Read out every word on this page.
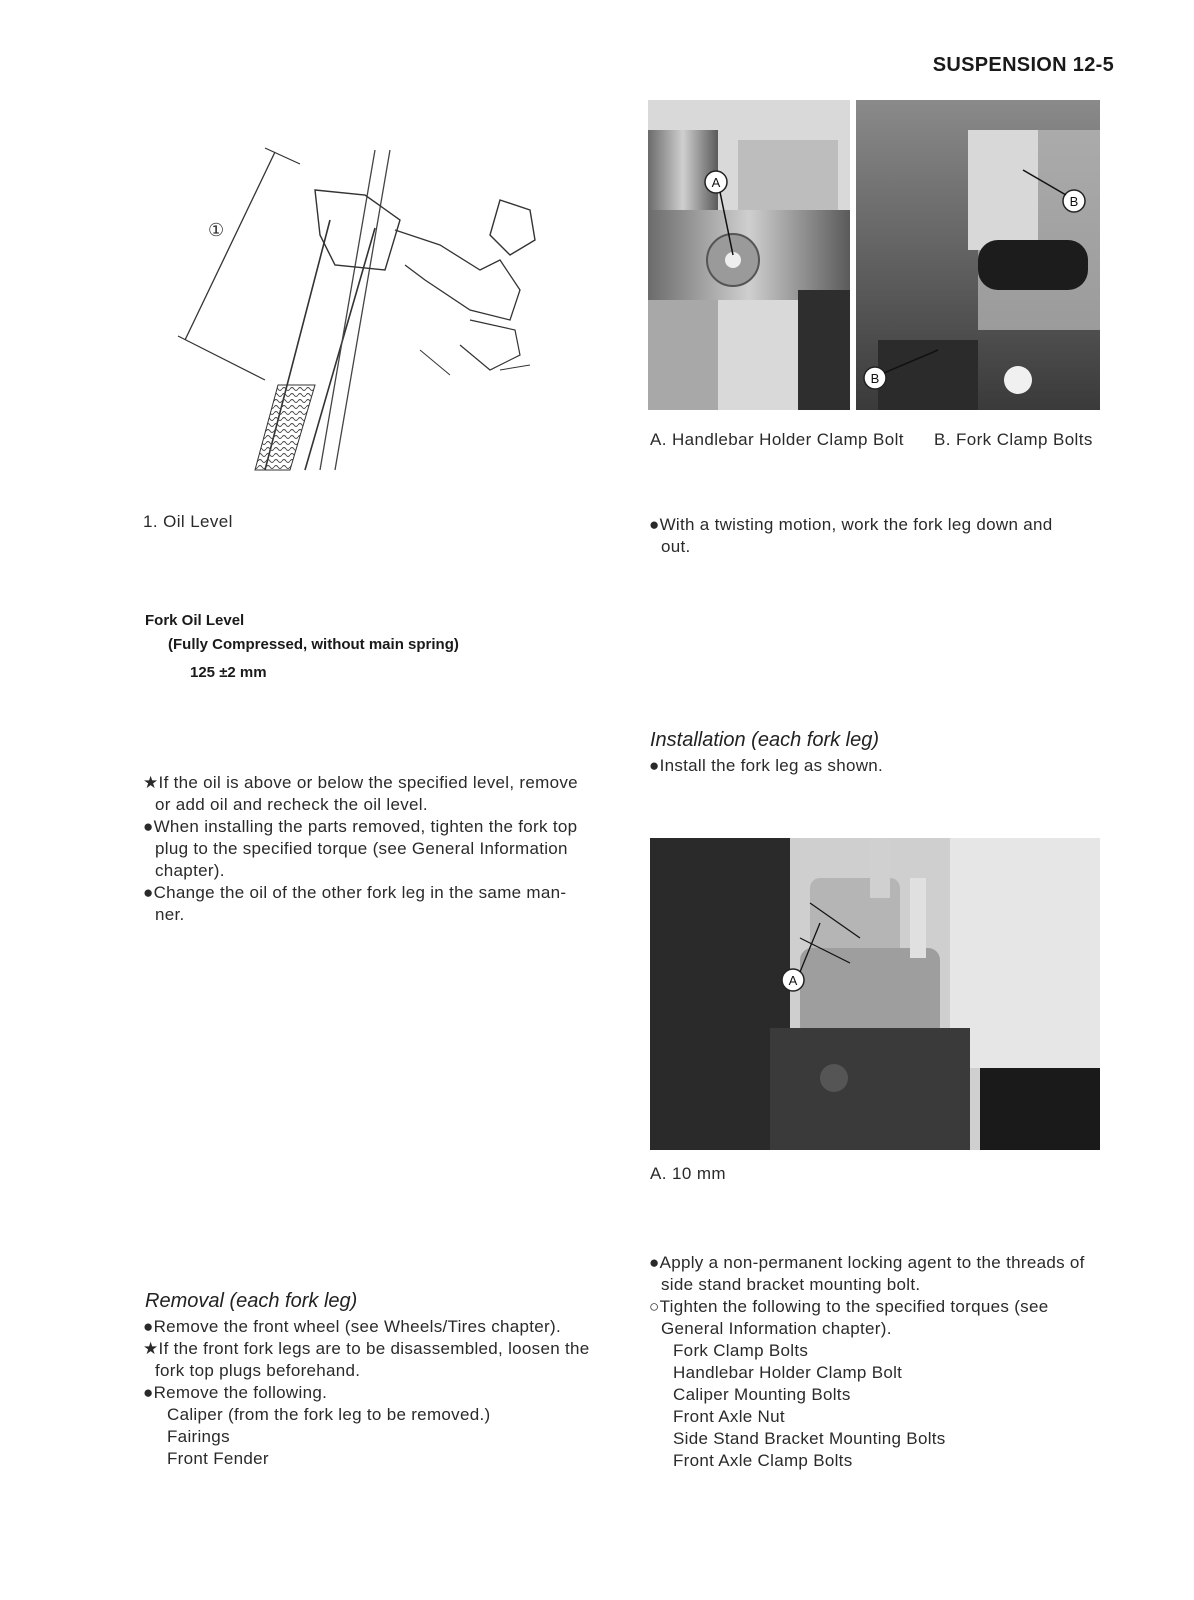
SUSPENSION 12-5
①
1. Oil Level
Fork Oil Level
(Fully Compressed, without main spring)
125 ±2 mm
★If the oil is above or below the specified level, remove
or add oil and recheck the oil level.
●When installing the parts removed, tighten the fork top
plug to the specified torque (see General Information
chapter).
●Change the oil of the other fork leg in the same man-
ner.
Removal (each fork leg)
●Remove the front wheel (see Wheels/Tires chapter).
★If the front fork legs are to be disassembled, loosen the
fork top plugs beforehand.
●Remove the following.
Caliper (from the fork leg to be removed.)
Fairings
Front Fender
A
B
B
A. Handlebar Holder Clamp Bolt B. Fork Clamp Bolts
●With a twisting motion, work the fork leg down and
out.
Installation (each fork leg)
●Install the fork leg as shown.
A
A. 10 mm
●Apply a non-permanent locking agent to the threads of
side stand bracket mounting bolt.
○Tighten the following to the specified torques (see
General Information chapter).
Fork Clamp Bolts
Handlebar Holder Clamp Bolt
Caliper Mounting Bolts
Front Axle Nut
Side Stand Bracket Mounting Bolts
Front Axle Clamp Bolts
